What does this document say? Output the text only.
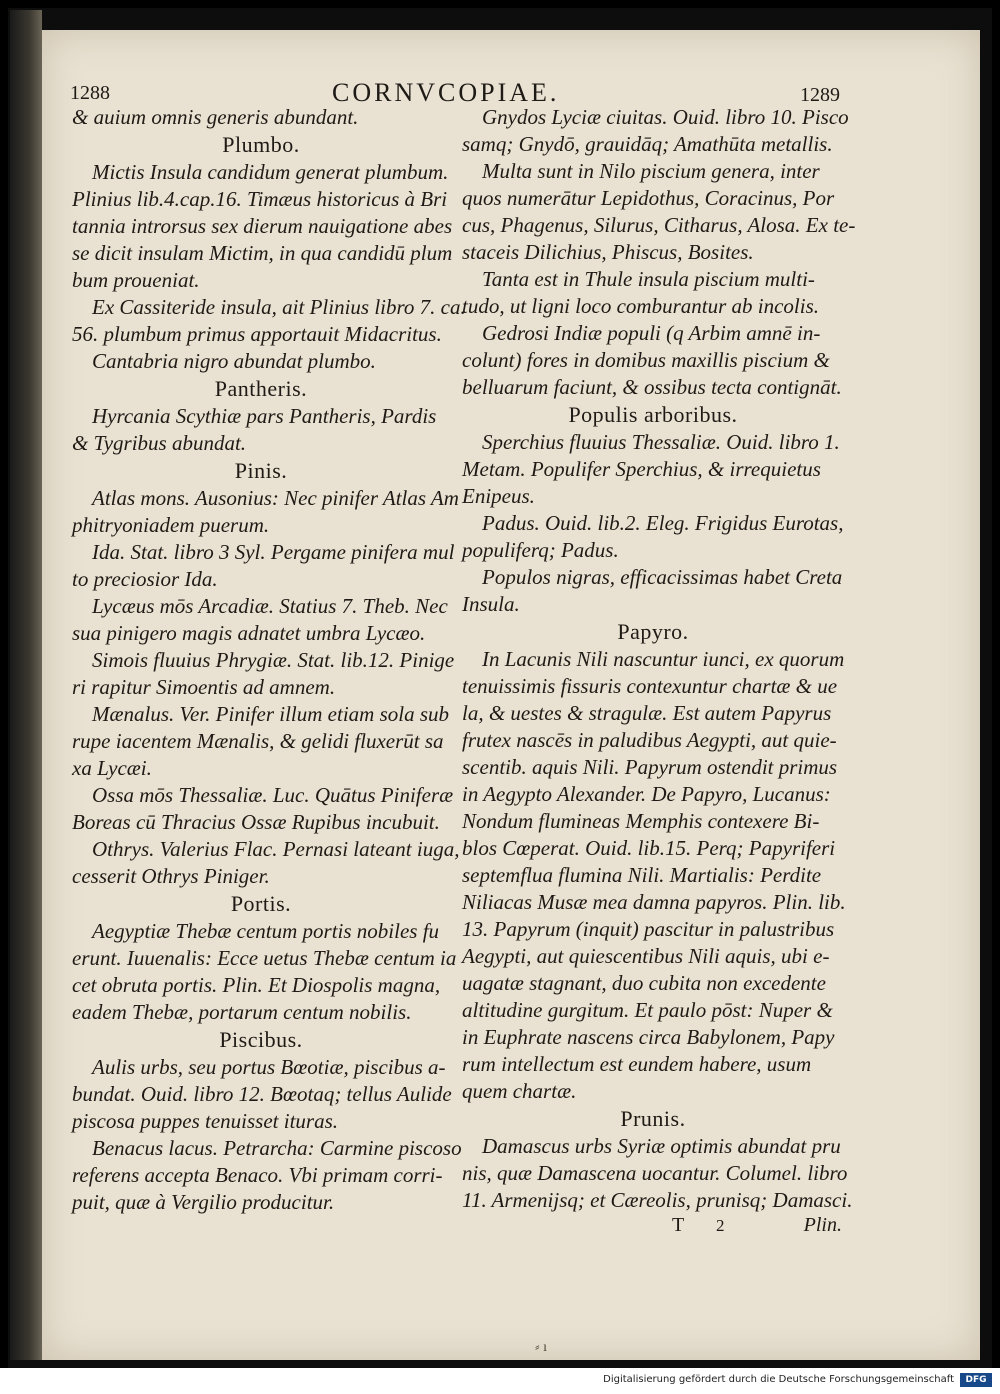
1288	CORNVCOPIAE.	1289
& auium omnis generis abundant.
Plumbo.
Mictis Insula candidum generat plumbum.
Plinius lib.4.cap.16. Timæus historicus à Bri
tannia introrsus sex dierum nauigatione abes
se dicit insulam Mictim, in qua candidū plum
bum proueniat.
Ex Cassiteride insula, ait Plinius libro 7. ca.
56. plumbum primus apportauit Midacritus.
Cantabria nigro abundat plumbo.
Pantheris.
Hyrcania Scythiæ pars Pantheris, Pardis
& Tygribus abundat.
Pinis.
Atlas mons. Ausonius: Nec pinifer Atlas Am
phitryoniadem puerum.
Ida. Stat. libro 3 Syl. Pergame pinifera mul
to preciosior Ida.
Lycæus mōs Arcadiæ. Statius 7. Theb. Nec
sua pinigero magis adnatet umbra Lycæo.
Simois fluuius Phrygiæ. Stat. lib.12. Pinige
ri rapitur Simoentis ad amnem.
Mænalus. Ver. Pinifer illum etiam sola sub
rupe iacentem Mænalis, & gelidi fluxerūt sa
xa Lycæi.
Ossa mōs Thessaliæ. Luc. Quātus Piniferæ
Boreas cū Thracius Ossæ Rupibus incubuit.
Othrys. Valerius Flac. Pernasi lateant iuga,
cesserit Othrys Piniger.
Portis.
Aegyptiæ Thebæ centum portis nobiles fu
erunt. Iuuenalis: Ecce uetus Thebæ centum ia
cet obruta portis. Plin. Et Diospolis magna,
eadem Thebæ, portarum centum nobilis.
Piscibus.
Aulis urbs, seu portus Bœotiæ, piscibus a-
bundat. Ouid. libro 12. Bœotaq; tellus Aulide
piscosa puppes tenuisset ituras.
Benacus lacus. Petrarcha: Carmine piscoso
referens accepta Benaco. Vbi primam corri-
puit, quæ à Vergilio producitur.
Gnydos Lyciæ ciuitas. Ouid. libro 10. Pisco
samq; Gnydō, grauidāq; Amathūta metallis.
Multa sunt in Nilo piscium genera, inter
quos numerātur Lepidothus, Coracinus, Por
cus, Phagenus, Silurus, Citharus, Alosa. Ex te-
staceis Dilichius, Phiscus, Bosites.
Tanta est in Thule insula piscium multi-
tudo, ut ligni loco comburantur ab incolis.
Gedrosi Indiæ populi (q Arbim amnē in-
colunt) fores in domibus maxillis piscium &
belluarum faciunt, & ossibus tecta contignāt.
Populis arboribus.
Sperchius fluuius Thessaliæ. Ouid. libro 1.
Metam. Populifer Sperchius, & irrequietus
Enipeus.
Padus. Ouid. lib.2. Eleg. Frigidus Eurotas,
populiferq; Padus.
Populos nigras, efficacissimas habet Creta
Insula.
Papyro.
In Lacunis Nili nascuntur iunci, ex quorum
tenuissimis fissuris contexuntur chartæ & ue
la, & uestes & stragulæ. Est autem Papyrus
frutex nascēs in paludibus Aegypti, aut quie-
scentib. aquis Nili. Papyrum ostendit primus
in Aegypto Alexander. De Papyro, Lucanus:
Nondum flumineas Memphis contexere Bi-
blos Cœperat. Ouid. lib.15. Perq; Papyriferi
septemflua flumina Nili. Martialis: Perdite
Niliacas Musæ mea damna papyros. Plin. lib.
13. Papyrum (inquit) pascitur in palustribus
Aegypti, aut quiescentibus Nili aquis, ubi e-
uagatæ stagnant, duo cubita non excedente
altitudine gurgitum. Et paulo pōst: Nuper &
in Euphrate nascens circa Babylonem, Papy
rum intellectum est eundem habere, usum
quem chartæ.
Prunis.
Damascus urbs Syriæ optimis abundat pru
nis, quæ Damascena uocantur. Columel. libro
11. Armenijsq; et Cæreolis, prunisq; Damasci.
T 2	Plin.
⸗ ı
Digitalisierung gefördert durch die Deutsche Forschungsgemeinschaft	DFG
